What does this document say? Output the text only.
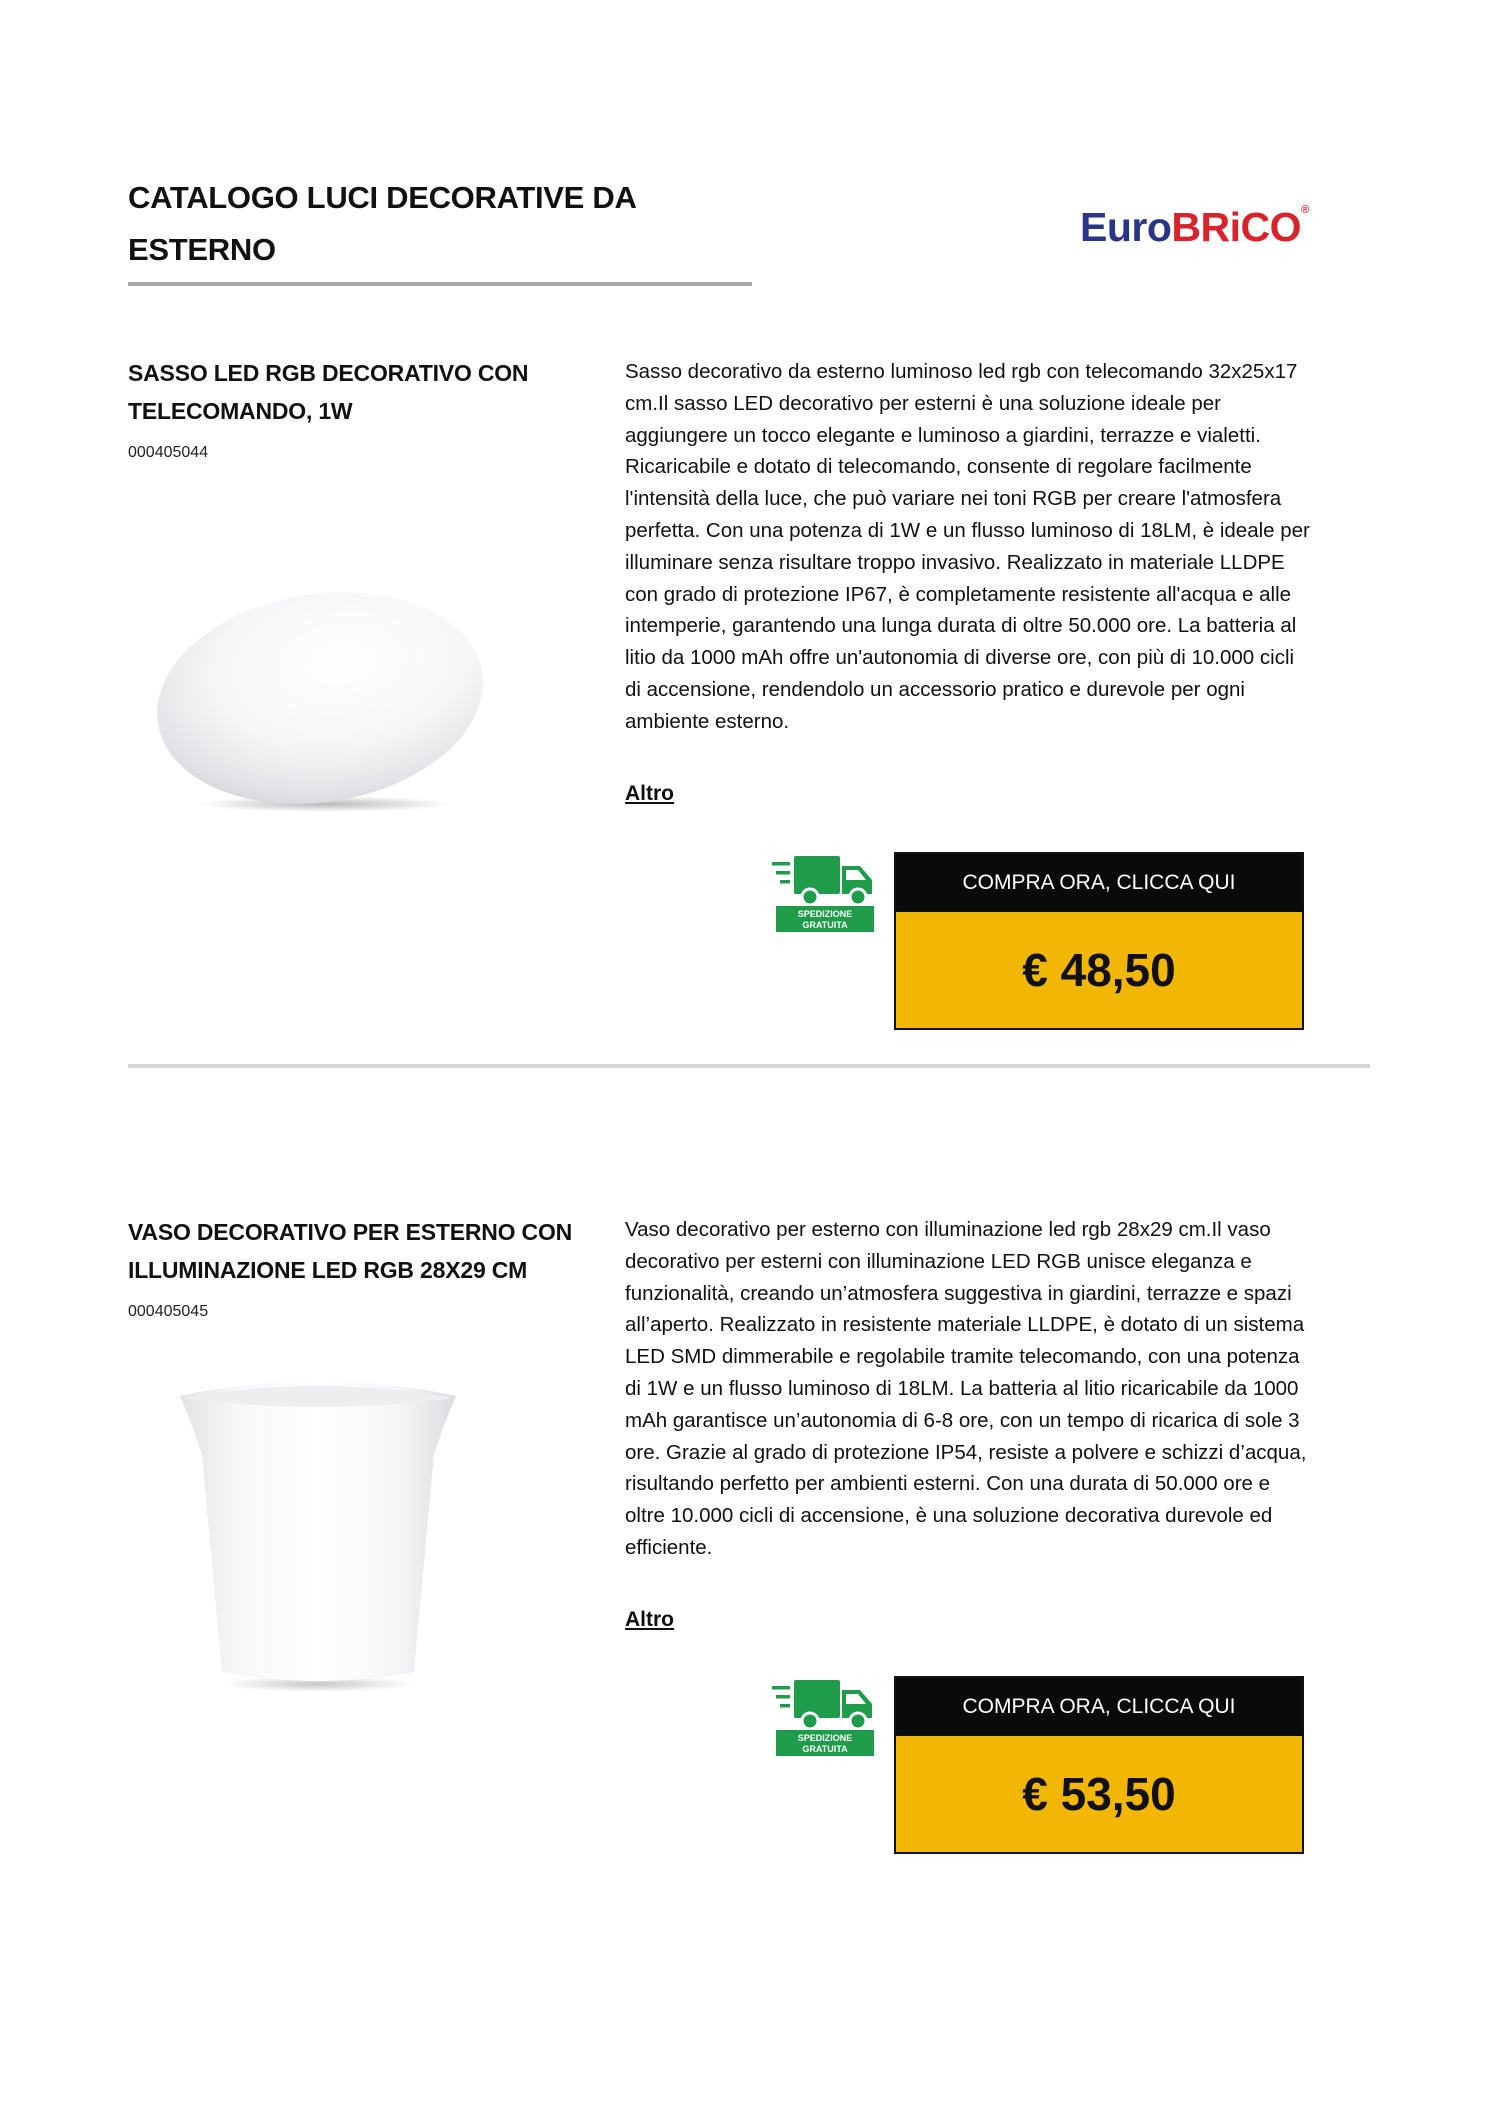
CATALOGO LUCI DECORATIVE DA
ESTERNO	EuroBRiCO®
SASSO LED RGB DECORATIVO CON
TELECOMANDO, 1W
000405044

Sasso decorativo da esterno luminoso led rgb con telecomando 32x25x17 cm.Il sasso LED decorativo per esterni è una soluzione ideale per aggiungere un tocco elegante e luminoso a giardini, terrazze e vialetti. Ricaricabile e dotato di telecomando, consente di regolare facilmente l'intensità della luce, che può variare nei toni RGB per creare l'atmosfera perfetta. Con una potenza di 1W e un flusso luminoso di 18LM, è ideale per illuminare senza risultare troppo invasivo. Realizzato in materiale LLDPE con grado di protezione IP67, è completamente resistente all'acqua e alle intemperie, garantendo una lunga durata di oltre 50.000 ore. La batteria al litio da 1000 mAh offre un'autonomia di diverse ore, con più di 10.000 cicli di accensione, rendendolo un accessorio pratico e durevole per ogni ambiente esterno.

Altro
SPEDIZIONE
GRATUITA
COMPRA ORA, CLICCA QUI
€ 48,50
VASO DECORATIVO PER ESTERNO CON
ILLUMINAZIONE LED RGB 28X29 CM
000405045

Vaso decorativo per esterno con illuminazione led rgb 28x29 cm.Il vaso decorativo per esterni con illuminazione LED RGB unisce eleganza e funzionalità, creando un’atmosfera suggestiva in giardini, terrazze e spazi all’aperto. Realizzato in resistente materiale LLDPE, è dotato di un sistema LED SMD dimmerabile e regolabile tramite telecomando, con una potenza di 1W e un flusso luminoso di 18LM. La batteria al litio ricaricabile da 1000 mAh garantisce un’autonomia di 6-8 ore, con un tempo di ricarica di sole 3 ore. Grazie al grado di protezione IP54, resiste a polvere e schizzi d’acqua, risultando perfetto per ambienti esterni. Con una durata di 50.000 ore e oltre 10.000 cicli di accensione, è una soluzione decorativa durevole ed efficiente.

Altro
SPEDIZIONE
GRATUITA
COMPRA ORA, CLICCA QUI
€ 53,50
